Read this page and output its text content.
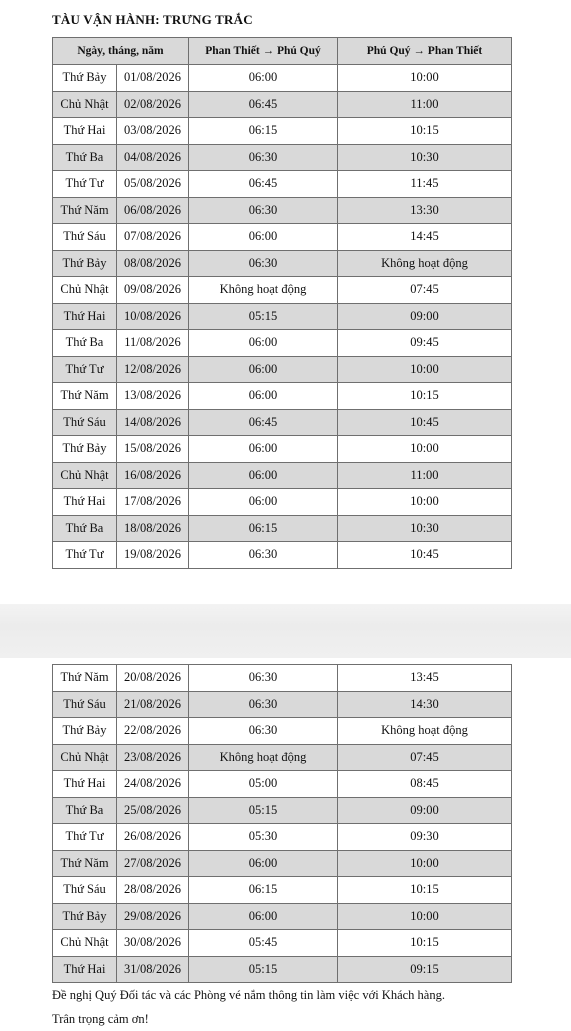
TÀU VẬN HÀNH: TRƯNG TRẮC
Ngày, tháng, năm		Phan Thiết → Phú Quý	Phú Quý → Phan Thiết
Thứ Bảy	01/08/2026	06:00	10:00
Chủ Nhật	02/08/2026	06:45	11:00
Thứ Hai	03/08/2026	06:15	10:15
Thứ Ba	04/08/2026	06:30	10:30
Thứ Tư	05/08/2026	06:45	11:45
Thứ Năm	06/08/2026	06:30	13:30
Thứ Sáu	07/08/2026	06:00	14:45
Thứ Bảy	08/08/2026	06:30	Không hoạt động
Chủ Nhật	09/08/2026	Không hoạt động	07:45
Thứ Hai	10/08/2026	05:15	09:00
Thứ Ba	11/08/2026	06:00	09:45
Thứ Tư	12/08/2026	06:00	10:00
Thứ Năm	13/08/2026	06:00	10:15
Thứ Sáu	14/08/2026	06:45	10:45
Thứ Bảy	15/08/2026	06:00	10:00
Chủ Nhật	16/08/2026	06:00	11:00
Thứ Hai	17/08/2026	06:00	10:00
Thứ Ba	18/08/2026	06:15	10:30
Thứ Tư	19/08/2026	06:30	10:45
Thứ Năm	20/08/2026	06:30	13:45
Thứ Sáu	21/08/2026	06:30	14:30
Thứ Bảy	22/08/2026	06:30	Không hoạt động
Chủ Nhật	23/08/2026	Không hoạt động	07:45
Thứ Hai	24/08/2026	05:00	08:45
Thứ Ba	25/08/2026	05:15	09:00
Thứ Tư	26/08/2026	05:30	09:30
Thứ Năm	27/08/2026	06:00	10:00
Thứ Sáu	28/08/2026	06:15	10:15
Thứ Bảy	29/08/2026	06:00	10:00
Chủ Nhật	30/08/2026	05:45	10:15
Thứ Hai	31/08/2026	05:15	09:15
Đề nghị Quý Đối tác và các Phòng vé nắm thông tin làm việc với Khách hàng.
Trân trọng cảm ơn!
